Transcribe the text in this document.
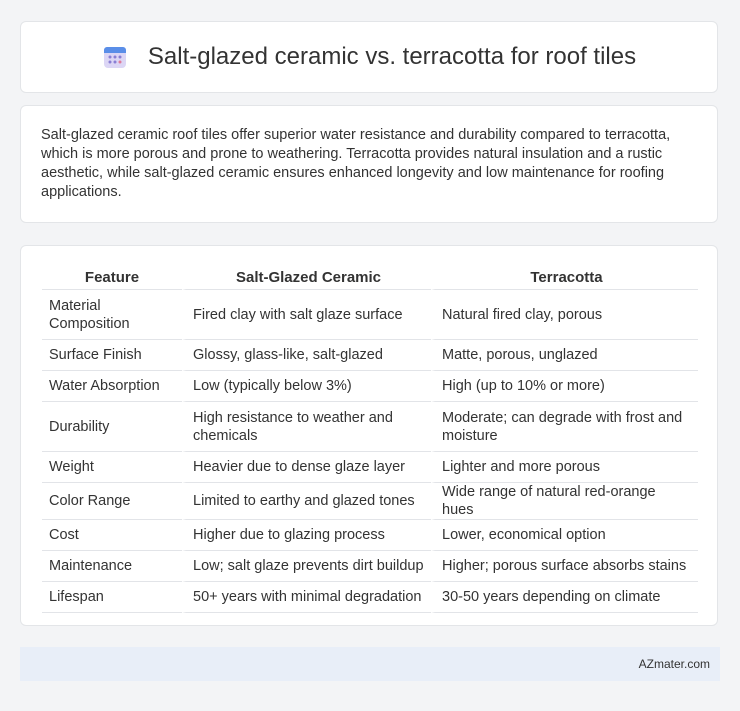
Salt-glazed ceramic vs. terracotta for roof tiles

Salt-glazed ceramic roof tiles offer superior water resistance and durability compared to terracotta, which is more porous and prone to weathering. Terracotta provides natural insulation and a rustic aesthetic, while salt-glazed ceramic ensures enhanced longevity and low maintenance for roofing applications.

Feature	Salt-Glazed Ceramic	Terracotta
Material Composition	Fired clay with salt glaze surface	Natural fired clay, porous
Surface Finish	Glossy, glass-like, salt-glazed	Matte, porous, unglazed
Water Absorption	Low (typically below 3%)	High (up to 10% or more)
Durability	High resistance to weather and chemicals	Moderate; can degrade with frost and moisture
Weight	Heavier due to dense glaze layer	Lighter and more porous
Color Range	Limited to earthy and glazed tones	Wide range of natural red-orange hues
Cost	Higher due to glazing process	Lower, economical option
Maintenance	Low; salt glaze prevents dirt buildup	Higher; porous surface absorbs stains
Lifespan	50+ years with minimal degradation	30-50 years depending on climate
AZmater.com
